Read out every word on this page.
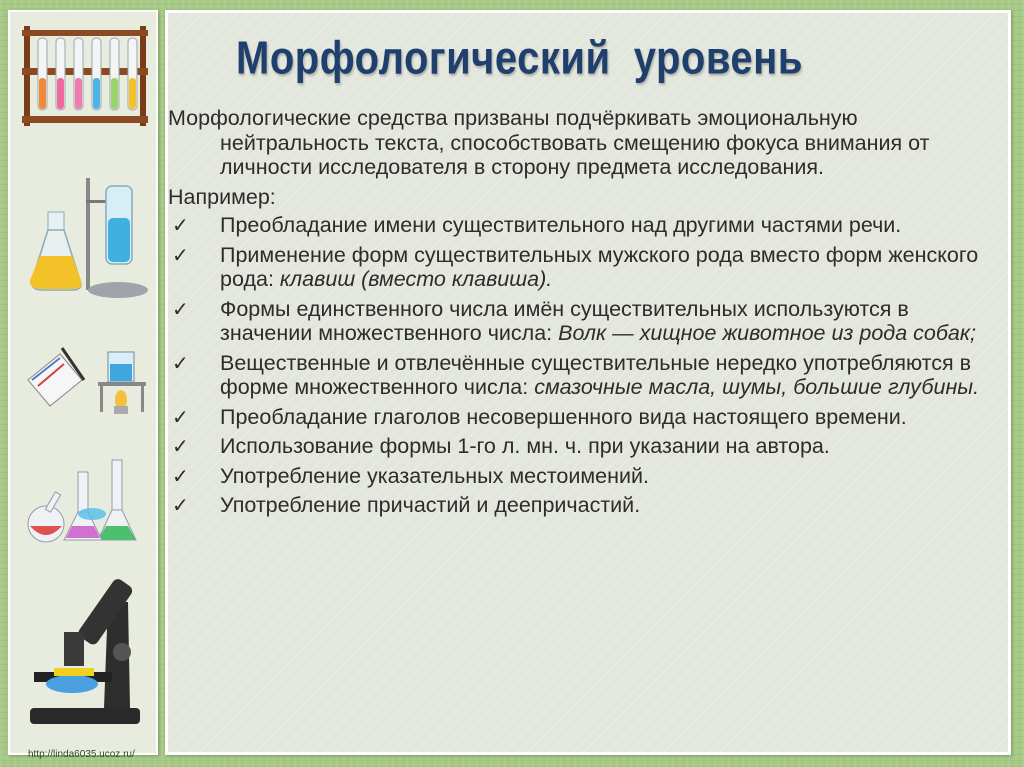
http://linda6035.ucoz.ru/
Морфологический  уровень

Морфологические средства призваны подчёркивать эмоциональную нейтральность текста, способствовать смещению фокуса внимания от личности исследователя в сторону предмета исследования.

Например:

✓ Преобладание имени существительного над другими частями речи.
✓ Применение форм существительных мужского рода вместо форм женского рода: клавиш (вместо клавиша).
✓ Формы единственного числа имён существительных используются в значении множественного числа: Волк — хищное животное из рода собак;
✓ Вещественные и отвлечённые существительные нередко употребляются в форме множественного числа: смазочные масла, шумы, большие глубины.
✓ Преобладание глаголов несовершенного вида настоящего времени.
✓ Использование формы 1-го л. мн. ч. при указании на автора.
✓ Употребление указательных местоимений.
✓ Употребление причастий и деепричастий.
